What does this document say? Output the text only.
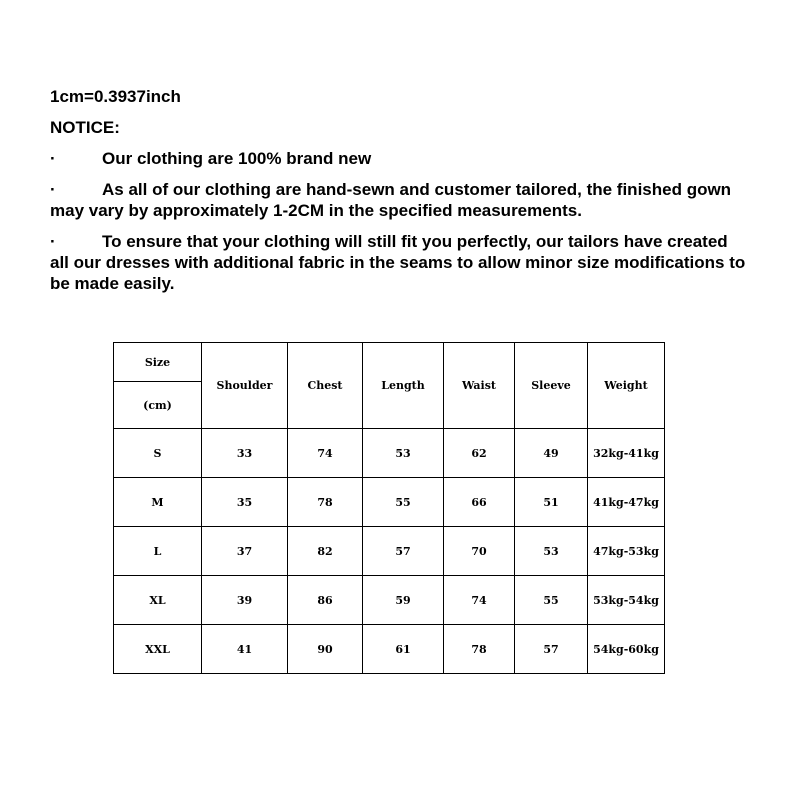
1cm=0.3937inch
NOTICE:
·	Our clothing are 100% brand new
·	As all of our clothing are hand-sewn and customer tailored, the finished gown may vary by approximately 1-2CM in the specified measurements.
·	To ensure that your clothing will still fit you perfectly, our tailors have created all our dresses with additional fabric in the seams to allow minor size modifications to be made easily.
Size	Shoulder	Chest	Length	Waist	Sleeve	Weight
(cm)						
S	33	74	53	62	49	32kg-41kg
M	35	78	55	66	51	41kg-47kg
L	37	82	57	70	53	47kg-53kg
XL	39	86	59	74	55	53kg-54kg
XXL	41	90	61	78	57	54kg-60kg
